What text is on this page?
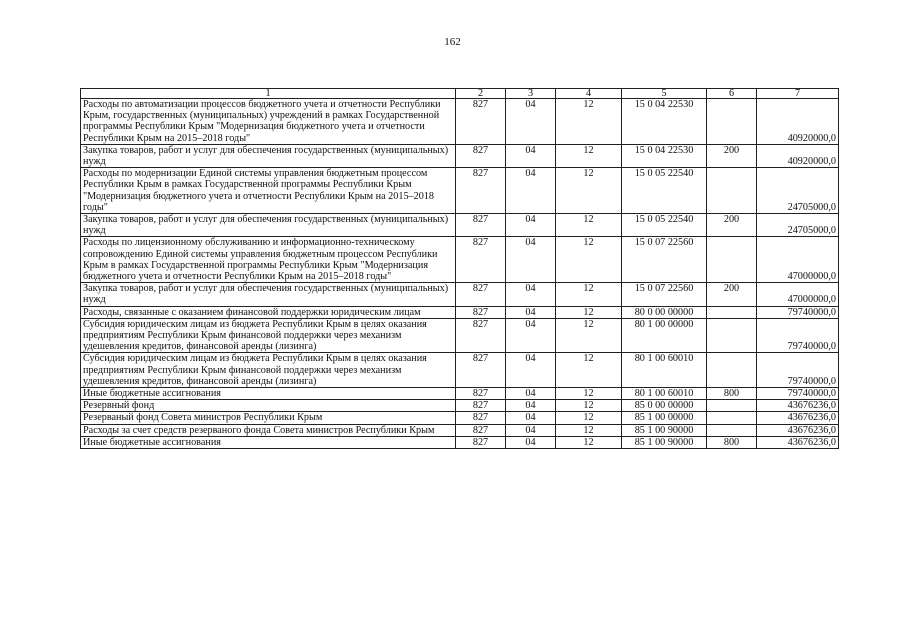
162
1	2	3	4	5	6	7
Расходы по автоматизации процессов бюджетного учета и отчетности Республики Крым, государственных (муниципальных) учреждений в рамках Государственной программы Республики Крым "Модернизация бюджетного учета и отчетности Республики Крым на 2015–2018 годы"	827	04	12	15 0 04 22530		40920000,0
Закупка товаров, работ и услуг для обеспечения государственных (муниципальных) нужд	827	04	12	15 0 04 22530	200	40920000,0
Расходы по модернизации Единой системы управления бюджетным процессом Республики Крым в рамках Государственной программы Республики Крым "Модернизация бюджетного учета и отчетности Республики Крым на 2015–2018 годы"	827	04	12	15 0 05 22540		24705000,0
Закупка товаров, работ и услуг для обеспечения государственных (муниципальных) нужд	827	04	12	15 0 05 22540	200	24705000,0
Расходы по лицензионному обслуживанию и информационно-техническому сопровождению Единой системы управления бюджетным процессом Республики Крым в рамках Государственной программы Республики Крым "Модернизация бюджетного учета и отчетности Республики Крым на 2015–2018 годы"	827	04	12	15 0 07 22560		47000000,0
Закупка товаров, работ и услуг для обеспечения государственных (муниципальных) нужд	827	04	12	15 0 07 22560	200	47000000,0
Расходы, связанные с оказанием финансовой поддержки юридическим лицам	827	04	12	80 0 00 00000		79740000,0
Субсидия юридическим лицам из бюджета Республики Крым в целях оказания предприятиям Республики Крым финансовой поддержки через механизм удешевления кредитов, финансовой аренды (лизинга)	827	04	12	80 1 00 00000		79740000,0
Субсидия юридическим лицам из бюджета Республики Крым в целях оказания предприятиям Республики Крым финансовой поддержки через механизм удешевления кредитов, финансовой аренды (лизинга)	827	04	12	80 1 00 60010		79740000,0
Иные бюджетные ассигнования	827	04	12	80 1 00 60010	800	79740000,0
Резервный фонд	827	04	12	85 0 00 00000		43676236,0
Резерваный фонд Совета министров Республики Крым	827	04	12	85 1 00 00000		43676236,0
Расходы за счет средств резерваного фонда Совета министров Республики Крым	827	04	12	85 1 00 90000		43676236,0
Иные бюджетные ассигнования	827	04	12	85 1 00 90000	800	43676236,0
